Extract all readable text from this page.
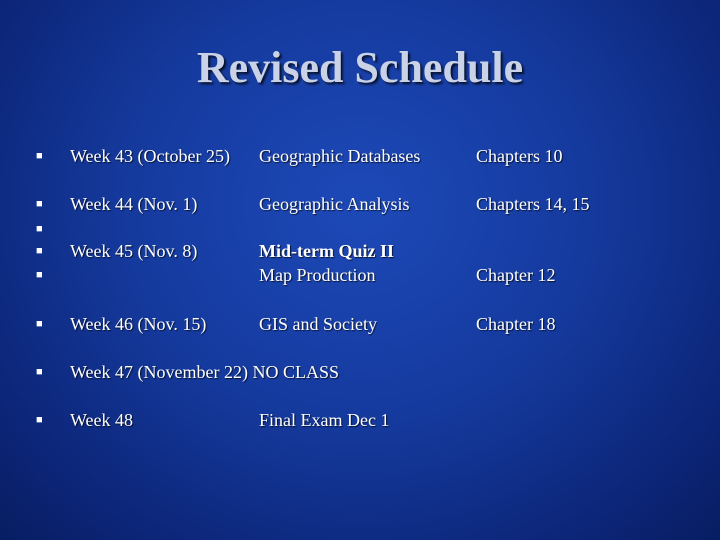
Revised Schedule
■
Week 43 (October 25) Geographic Databases	Chapters 10
■
Week 44 (Nov. 1)	Geographic Analysis	Chapters 14, 15
■
■
Week 45 (Nov. 8)	Mid-term Quiz II
■
Map Production	Chapter 12
■
Week 46 (Nov. 15)	GIS and Society	Chapter 18
■
Week 47 (November 22) NO CLASS
■
Week 48	Final Exam Dec 1
